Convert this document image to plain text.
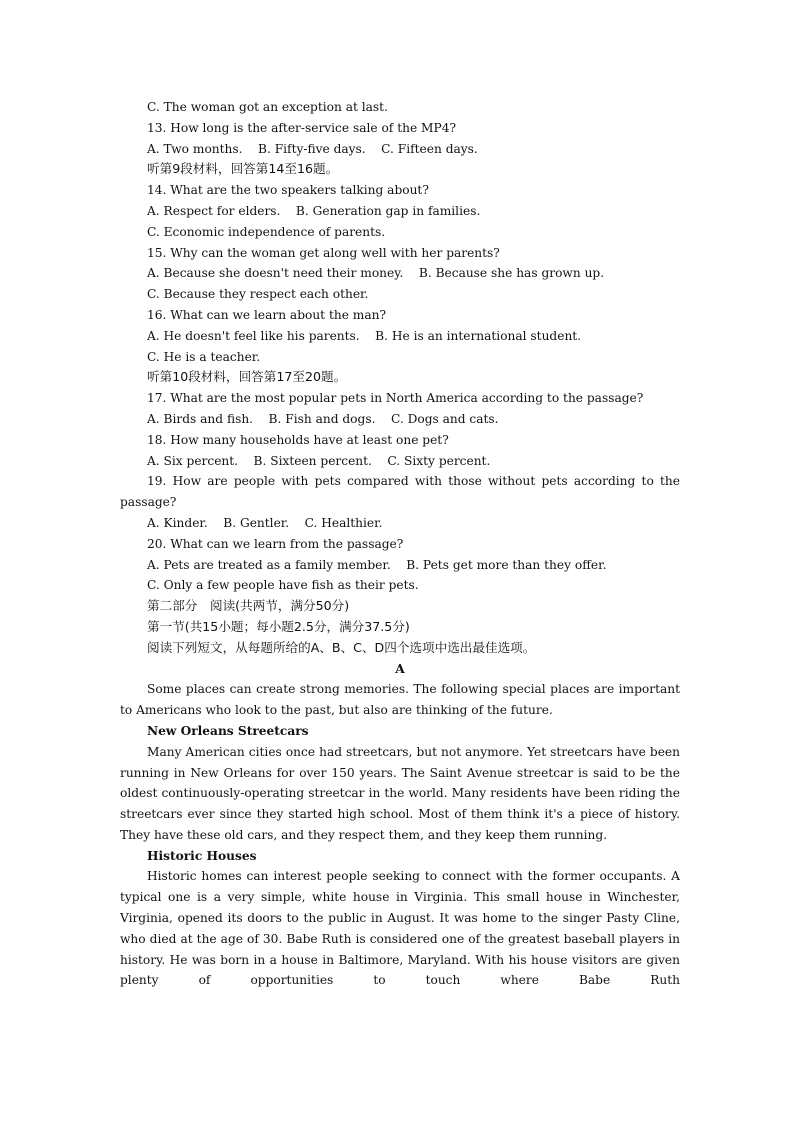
C. The woman got an exception at last.
13. How long is the after-service sale of the MP4?
A. Two months.    B. Fifty-five days.    C. Fifteen days.
听第9段材料，回答第14至16题。
14. What are the two speakers talking about?
A. Respect for elders.    B. Generation gap in families.
C. Economic independence of parents.
15. Why can the woman get along well with her parents?
A. Because she doesn't need their money.    B. Because she has grown up.
C. Because they respect each other.
16. What can we learn about the man?
A. He doesn't feel like his parents.    B. He is an international student.
C. He is a teacher.
听第10段材料，回答第17至20题。
17. What are the most popular pets in North America according to the passage?
A. Birds and fish.    B. Fish and dogs.    C. Dogs and cats.
18. How many households have at least one pet?
A. Six percent.    B. Sixteen percent.    C. Sixty percent.
19. How are people with pets compared with those without pets according to the passage?
A. Kinder.    B. Gentler.    C. Healthier.
20. What can we learn from the passage?
A. Pets are treated as a family member.    B. Pets get more than they offer.
C. Only a few people have fish as their pets.
第二部分　阅读(共两节，满分50分)
第一节(共15小题；每小题2.5分，满分37.5分)
阅读下列短文，从每题所给的A、B、C、D四个选项中选出最佳选项。
A

Some places can create strong memories. The following special places are important to Americans who look to the past, but also are thinking of the future.

New Orleans Streetcars

Many American cities once had streetcars, but not anymore. Yet streetcars have been running in New Orleans for over 150 years. The Saint Avenue streetcar is said to be the oldest continuously-operating streetcar in the world. Many residents have been riding the streetcars ever since they started high school. Most of them think it's a piece of history. They have these old cars, and they respect them, and they keep them running.

Historic Houses

Historic homes can interest people seeking to connect with the former occupants. A typical one is a very simple, white house in Virginia. This small house in Winchester, Virginia, opened its doors to the public in August. It was home to the singer Pasty Cline, who died at the age of 30. Babe Ruth is considered one of the greatest baseball players in history. He was born in a house in Baltimore, Maryland. With his house visitors are given plenty of opportunities to touch where Babe Ruth
